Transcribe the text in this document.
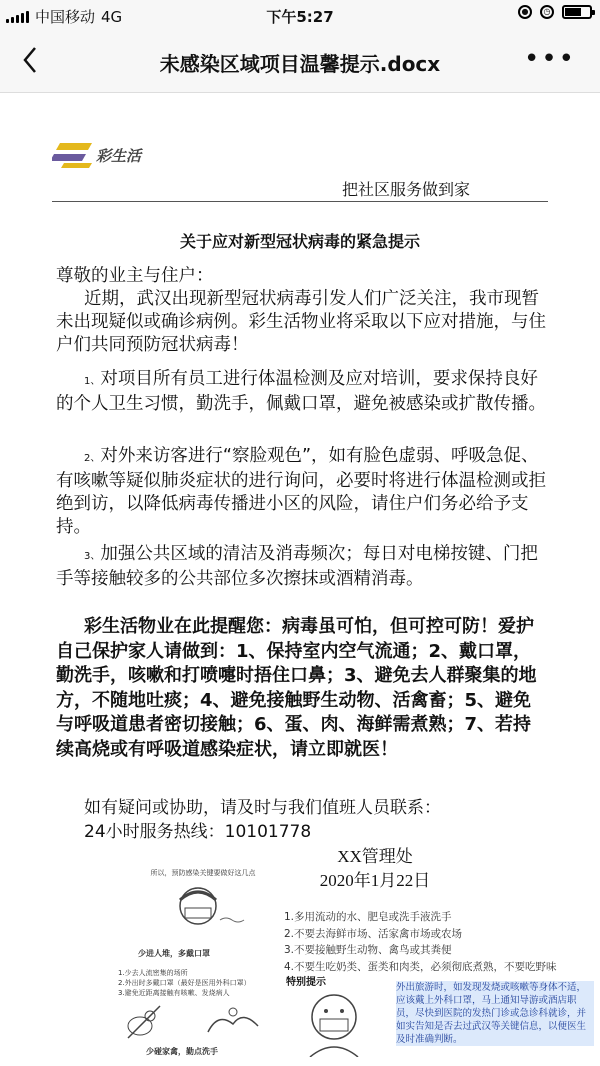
中国移动 4G	下午5:27	●	◷
未感染区域项目温馨提示.docx	•••
彩生活
把社区服务做到家
关于应对新型冠状病毒的紧急提示
尊敬的业主与住户：
近期，武汉出现新型冠状病毒引发人们广泛关注，我市现暂未出现疑似或确诊病例。彩生活物业将采取以下应对措施，与住户们共同预防冠状病毒！
1、对项目所有员工进行体温检测及应对培训，要求保持良好的个人卫生习惯，勤洗手，佩戴口罩，避免被感染或扩散传播。
2、对外来访客进行“察脸观色”，如有脸色虚弱、呼吸急促、有咳嗽等疑似肺炎症状的进行询问，必要时将进行体温检测或拒绝到访，以降低病毒传播进小区的风险，请住户们务必给予支持。
3、加强公共区域的清洁及消毒频次；每日对电梯按键、门把手等接触较多的公共部位多次擦抹或酒精消毒。
彩生活物业在此提醒您：病毒虽可怕，但可控可防！爱护自己保护家人请做到：1、保持室内空气流通；2、戴口罩，勤洗手，咳嗽和打喷嚏时捂住口鼻；3、避免去人群聚集的地方，不随地吐痰；4、避免接触野生动物、活禽畜；5、避免与呼吸道患者密切接触；6、蛋、肉、海鲜需煮熟；7、若持续高烧或有呼吸道感染症状，请立即就医！
如有疑问或协助，请及时与我们值班人员联系：
24小时服务热线：10101778
XX管理处
2020年1月22日
所以，预防感染关键要做好这几点
少进人堆，多戴口罩
1.少去人流密集的场所
2.外出时多戴口罩（最好是医用外科口罩）
3.避免近距离接触有咳嗽、发烧病人
少碰家禽，勤点洗手
1.多用流动的水、肥皂或洗手液洗手
2.不要去海鲜市场、活家禽市场或农场
3.不要接触野生动物、禽鸟或其粪便
4.不要生吃奶类、蛋类和肉类，必须彻底煮熟，不要吃野味
特别提示	外出旅游时，如发现发烧或咳嗽等身体不适，应该戴上外科口罩，马上通知导游或酒店职员，尽快到医院的发热门诊或急诊科就诊，并如实告知是否去过武汉等关键信息，以便医生及时准确判断。
